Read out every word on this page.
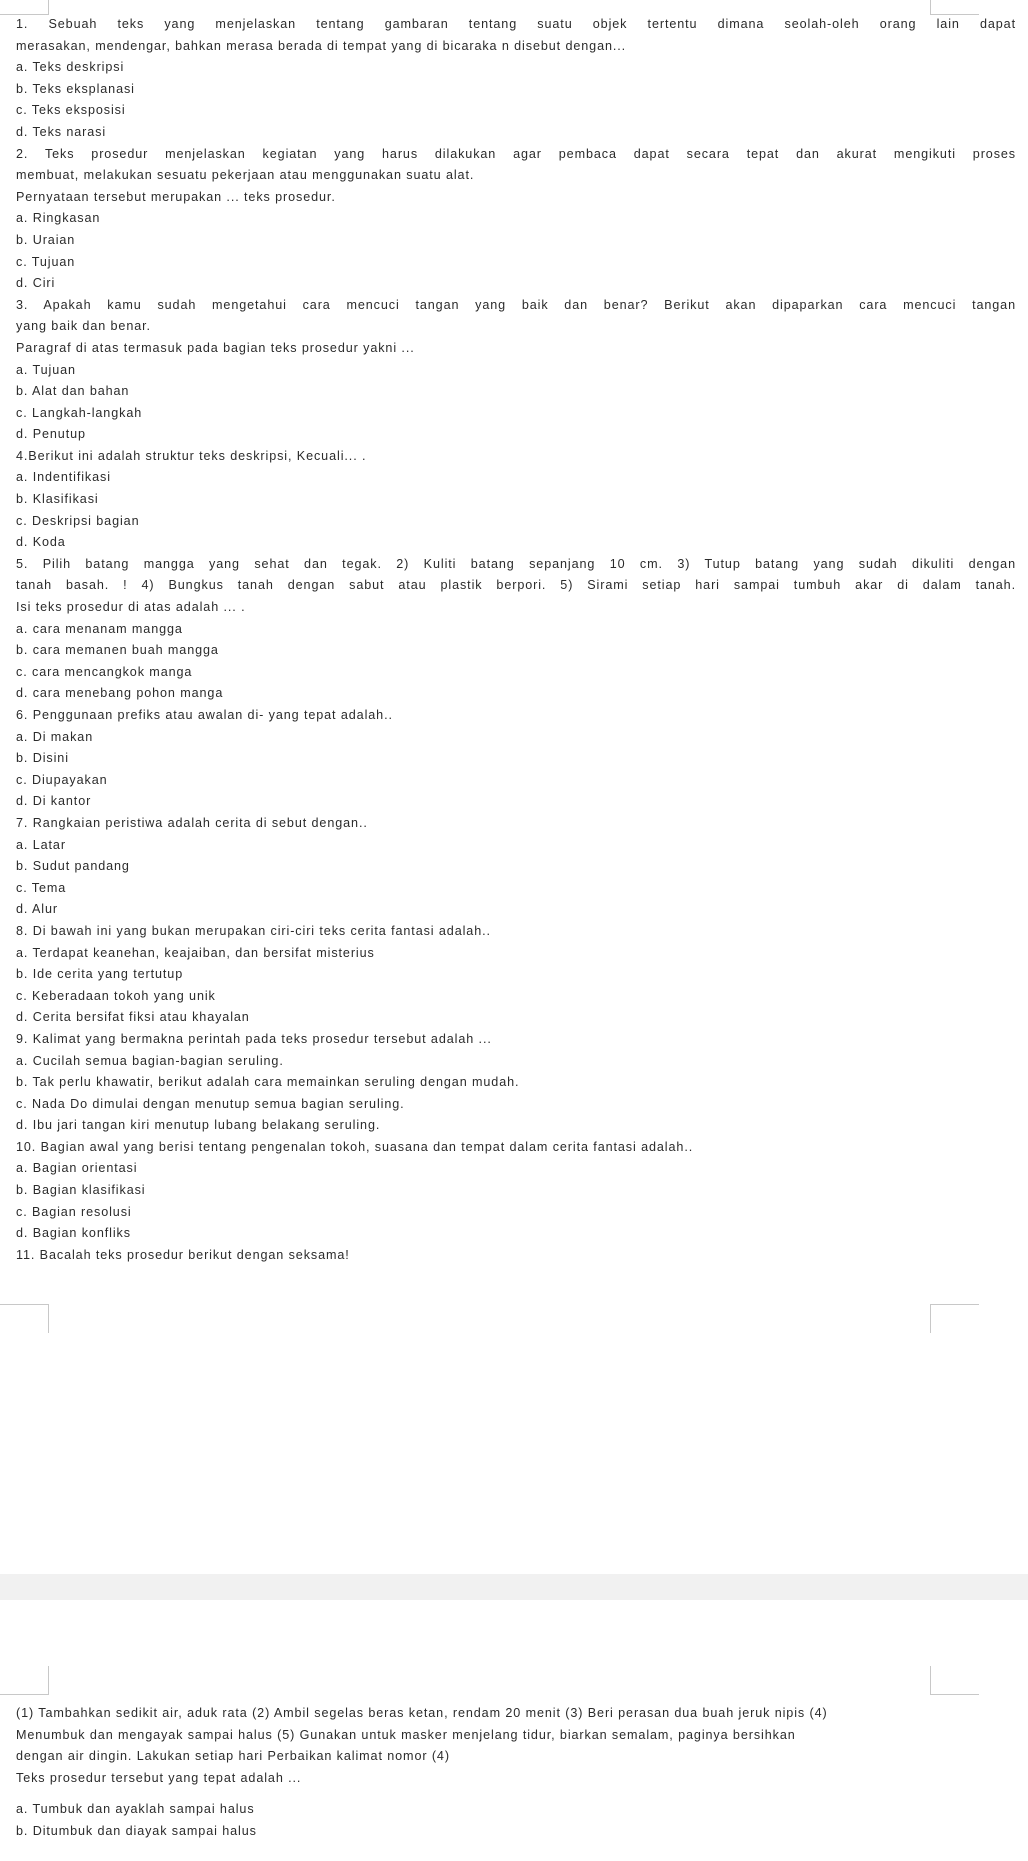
1. Sebuah teks yang menjelaskan tentang gambaran tentang suatu objek tertentu dimana seolah-oleh orang lain dapat
merasakan, mendengar, bahkan merasa berada di tempat yang di bicaraka n disebut dengan...
a. Teks deskripsi
b. Teks eksplanasi
c. Teks eksposisi
d. Teks narasi
2. Teks prosedur menjelaskan kegiatan yang harus dilakukan agar pembaca dapat secara tepat dan akurat mengikuti proses
membuat, melakukan sesuatu pekerjaan atau menggunakan suatu alat.
Pernyataan tersebut merupakan ... teks prosedur.
a. Ringkasan
b. Uraian
c. Tujuan
d. Ciri
3. Apakah kamu sudah mengetahui cara mencuci tangan yang baik dan benar? Berikut akan dipaparkan cara mencuci tangan
yang baik dan benar.
Paragraf di atas termasuk pada bagian teks prosedur yakni ...
a. Tujuan
b. Alat dan bahan
c. Langkah-langkah
d. Penutup
4.Berikut ini adalah struktur teks deskripsi, Kecuali... .
a. Indentifikasi
b. Klasifikasi
c. Deskripsi bagian
d. Koda
5. Pilih batang mangga yang sehat dan tegak. 2) Kuliti batang sepanjang 10 cm. 3) Tutup batang yang sudah dikuliti dengan
tanah basah. ! 4) Bungkus tanah dengan sabut atau plastik berpori. 5) Sirami setiap hari sampai tumbuh akar di dalam tanah.
Isi teks prosedur di atas adalah ... .
a. cara menanam mangga
b. cara memanen buah mangga
c. cara mencangkok manga
d. cara menebang pohon manga
6. Penggunaan prefiks atau awalan di- yang tepat adalah..
a. Di makan
b. Disini
c. Diupayakan
d. Di kantor
7. Rangkaian peristiwa adalah cerita di sebut dengan..
a. Latar
b. Sudut pandang
c. Tema
d. Alur
8. Di bawah ini yang bukan merupakan ciri-ciri teks cerita fantasi adalah..
a. Terdapat keanehan, keajaiban, dan bersifat misterius
b. Ide cerita yang tertutup
c. Keberadaan tokoh yang unik
d. Cerita bersifat fiksi atau khayalan
9. Kalimat yang bermakna perintah pada teks prosedur tersebut adalah ...
a. Cucilah semua bagian-bagian seruling.
b. Tak perlu khawatir, berikut adalah cara memainkan seruling dengan mudah.
c. Nada Do dimulai dengan menutup semua bagian seruling.
d. Ibu jari tangan kiri menutup lubang belakang seruling.
10. Bagian awal yang berisi tentang pengenalan tokoh, suasana dan tempat dalam cerita fantasi adalah..
a. Bagian orientasi
b. Bagian klasifikasi
c. Bagian resolusi
d. Bagian konfliks
11. Bacalah teks prosedur berikut dengan seksama!
(1) Tambahkan sedikit air, aduk rata (2) Ambil segelas beras ketan, rendam 20 menit (3) Beri perasan dua buah jeruk nipis (4)
Menumbuk dan mengayak sampai halus (5) Gunakan untuk masker menjelang tidur, biarkan semalam, paginya bersihkan
dengan air dingin. Lakukan setiap hari Perbaikan kalimat nomor (4)
Teks prosedur tersebut yang tepat adalah ...
a. Tumbuk dan ayaklah sampai halus
b. Ditumbuk dan diayak sampai halus
